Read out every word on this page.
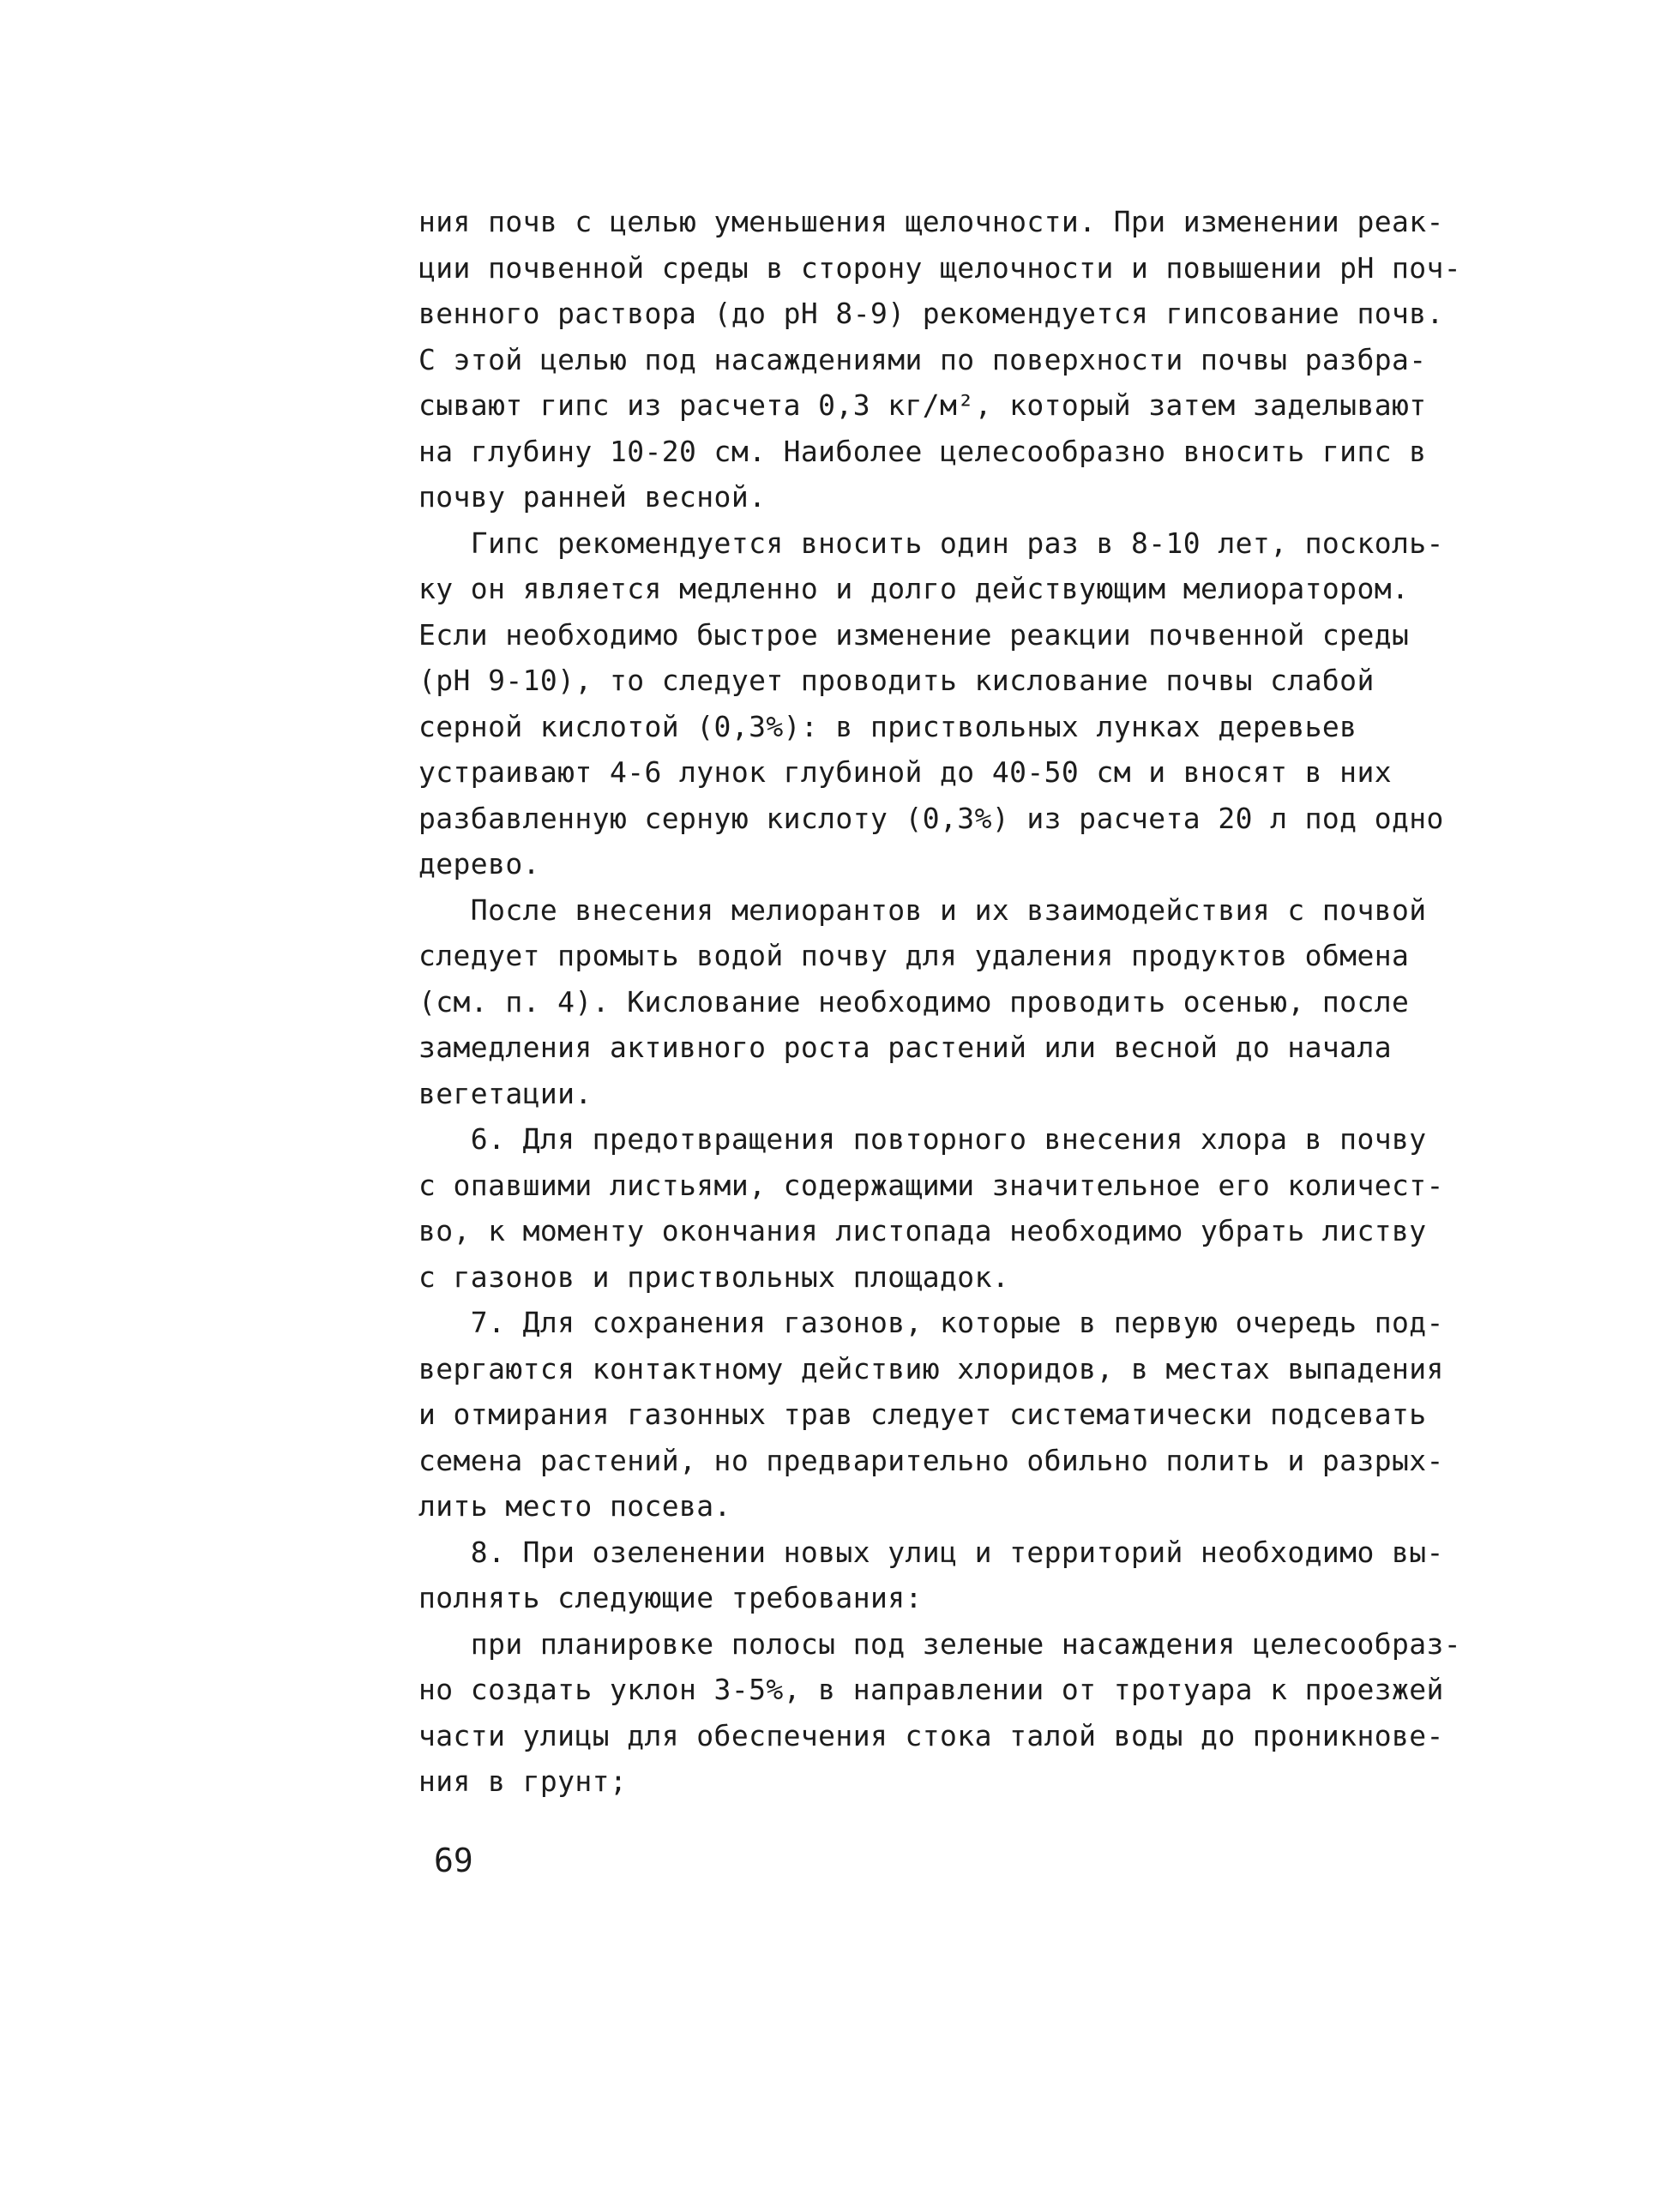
ния почв с целью уменьшения щелочности. При изменении реак-
ции почвенной среды в сторону щелочности и повышении рН поч-
венного раствора (до рН 8-9) рекомендуется гипсование почв.
С этой целью под насаждениями по поверхности почвы разбра-
сывают гипс из расчета 0,3 кг/м², который затем заделывают
на глубину 10-20 см. Наиболее целесообразно вносить гипс в
почву ранней весной.
Гипс рекомендуется вносить один раз в 8-10 лет, посколь-
ку он является медленно и долго действующим мелиоратором.
Если необходимо быстрое изменение реакции почвенной среды
(рН 9-10), то следует проводить кислование почвы слабой
серной кислотой (0,3%): в приствольных лунках деревьев
устраивают 4-6 лунок глубиной до 40-50 см и вносят в них
разбавленную серную кислоту (0,3%) из расчета 20 л под одно
дерево.
После внесения мелиорантов и их взаимодействия с почвой
следует промыть водой почву для удаления продуктов обмена
(см. п. 4). Кислование необходимо проводить осенью, после
замедления активного роста растений или весной до начала
вегетации.
6. Для предотвращения повторного внесения хлора в почву
с опавшими листьями, содержащими значительное его количест-
во, к моменту окончания листопада необходимо убрать листву
с газонов и приствольных площадок.
7. Для сохранения газонов, которые в первую очередь под-
вергаются контактному действию хлоридов, в местах выпадения
и отмирания газонных трав следует систематически подсевать
семена растений, но предварительно обильно полить и разрых-
лить место посева.
8. При озеленении новых улиц и территорий необходимо вы-
полнять следующие требования:
при планировке полосы под зеленые насаждения целесообраз-
но создать уклон 3-5%, в направлении от тротуара к проезжей
части улицы для обеспечения стока талой воды до проникнове-
ния в грунт;
69
